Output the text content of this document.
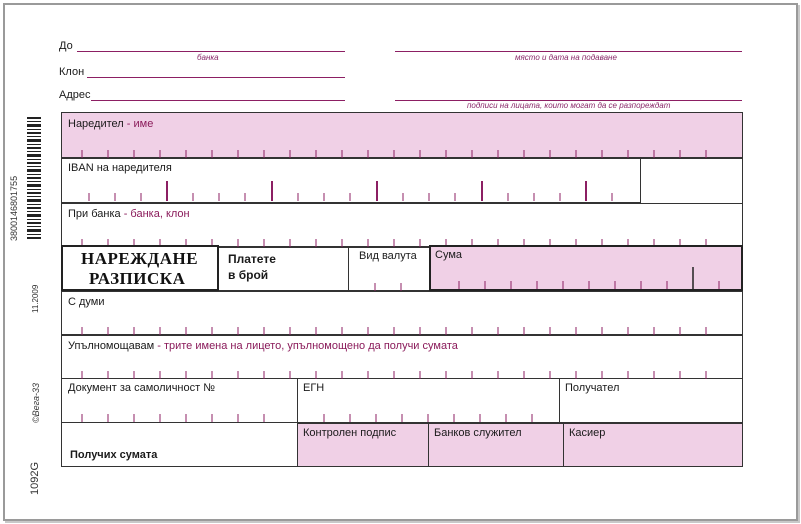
До
банка	място и дата на подаване
Клон
Адрес
подписи на лицата, които могат да се разпореждат
3800146801755
11.2009
©Вега-33
1092G
Наредител - име
IBAN на наредителя
При банка - банка, клон
НАРЕЖДАНЕ
РАЗПИСКА
Платете
в брой
Вид валута Сума
С думи
Упълномощавам - трите имена на лицето, упълномощено да получи сумата
Документ за самоличност №	ЕГН	Получател
Получих сумата
Контролен подпис	Банков служител	Касиер
